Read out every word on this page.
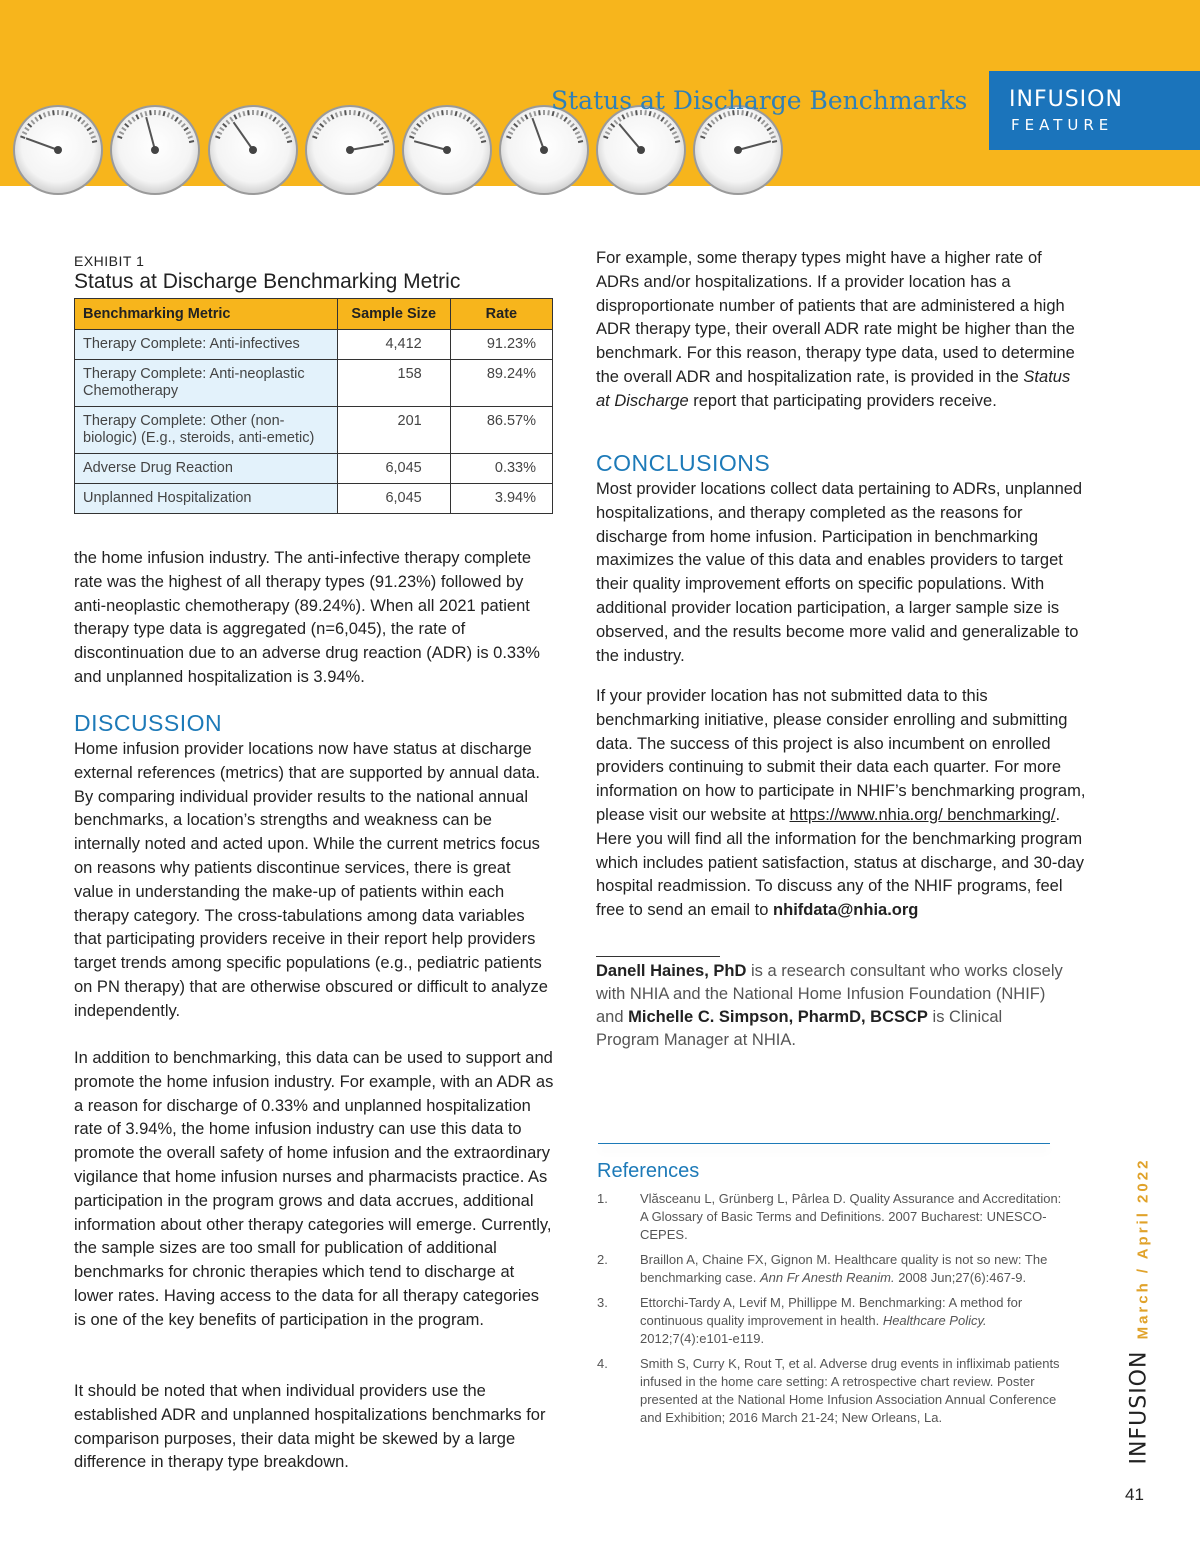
Status at Discharge Benchmarks INFUSION
FEATURE
EXHIBIT 1
Status at Discharge Benchmarking Metric
Benchmarking Metric	Sample Size	Rate
Therapy Complete: Anti-infectives	4,412	91.23%
Therapy Complete: Anti-neoplastic Chemotherapy	158	89.24%
Therapy Complete: Other (non-biologic) (E.g., steroids, anti-emetic)	201	86.57%
Adverse Drug Reaction	6,045	0.33%
Unplanned Hospitalization	6,045	3.94%
the home infusion industry. The anti-infective therapy complete rate was the highest of all therapy types (91.23%) followed by anti-neoplastic chemotherapy (89.24%). When all 2021 patient therapy type data is aggregated (n=6,045), the rate of discontinuation due to an adverse drug reaction (ADR) is 0.33% and unplanned hospitalization is 3.94%.
DISCUSSION
Home infusion provider locations now have status at discharge external references (metrics) that are supported by annual data. By comparing individual provider results to the national annual benchmarks, a location’s strengths and weakness can be internally noted and acted upon. While the current metrics focus on reasons why patients discontinue services, there is great value in understanding the make-up of patients within each therapy category. The cross-tabulations among data variables that participating providers receive in their report help providers target trends among specific populations (e.g., pediatric patients on PN therapy) that are otherwise obscured or difficult to analyze independently.
In addition to benchmarking, this data can be used to support and promote the home infusion industry. For example, with an ADR as a reason for discharge of 0.33% and unplanned hospitalization rate of 3.94%, the home infusion industry can use this data to promote the overall safety of home infusion and the extraordinary vigilance that home infusion nurses and pharmacists practice. As participation in the program grows and data accrues, additional information about other therapy categories will emerge. Currently, the sample sizes are too small for publication of additional benchmarks for chronic therapies which tend to discharge at lower rates. Having access to the data for all therapy categories is one of the key benefits of participation in the program.
It should be noted that when individual providers use the established ADR and unplanned hospitalizations benchmarks for comparison purposes, their data might be skewed by a large difference in therapy type breakdown.
For example, some therapy types might have a higher rate of ADRs and/or hospitalizations. If a provider location has a disproportionate number of patients that are administered a high ADR therapy type, their overall ADR rate might be higher than the benchmark. For this reason, therapy type data, used to determine the overall ADR and hospitalization rate, is provided in the Status at Discharge report that participating providers receive.
CONCLUSIONS
Most provider locations collect data pertaining to ADRs, unplanned hospitalizations, and therapy completed as the reasons for discharge from home infusion. Participation in benchmarking maximizes the value of this data and enables providers to target their quality improvement efforts on specific populations. With additional provider location participation, a larger sample size is observed, and the results become more valid and generalizable to the industry.
If your provider location has not submitted data to this benchmarking initiative, please consider enrolling and submitting data. The success of this project is also incumbent on enrolled providers continuing to submit their data each quarter. For more information on how to participate in NHIF’s benchmarking program, please visit our website at https://www.nhia.org/ benchmarking/. Here you will find all the information for the benchmarking program which includes patient satisfaction, status at discharge, and 30-day hospital readmission. To discuss any of the NHIF programs, feel free to send an email to nhifdata@nhia.org
Danell Haines, PhD is a research consultant who works closely with NHIA and the National Home Infusion Foundation (NHIF) and Michelle C. Simpson, PharmD, BCSCP is Clinical Program Manager at NHIA.
References
1. Vlăsceanu L, Grünberg L, Pârlea D. Quality Assurance and Accreditation: A Glossary of Basic Terms and Definitions. 2007 Bucharest: UNESCO-CEPES.
2. Braillon A, Chaine FX, Gignon M. Healthcare quality is not so new: The benchmarking case. Ann Fr Anesth Reanim. 2008 Jun;27(6):467-9.
3. Ettorchi-Tardy A, Levif M, Phillippe M. Benchmarking: A method for continuous quality improvement in health. Healthcare Policy. 2012;7(4):e101-e119.
4. Smith S, Curry K, Rout T, et al. Adverse drug events in infliximab patients infused in the home care setting: A retrospective chart review. Poster presented at the National Home Infusion Association Annual Conference and Exhibition; 2016 March 21-24; New Orleans, La.
March / April 2022
INFUSION
41
